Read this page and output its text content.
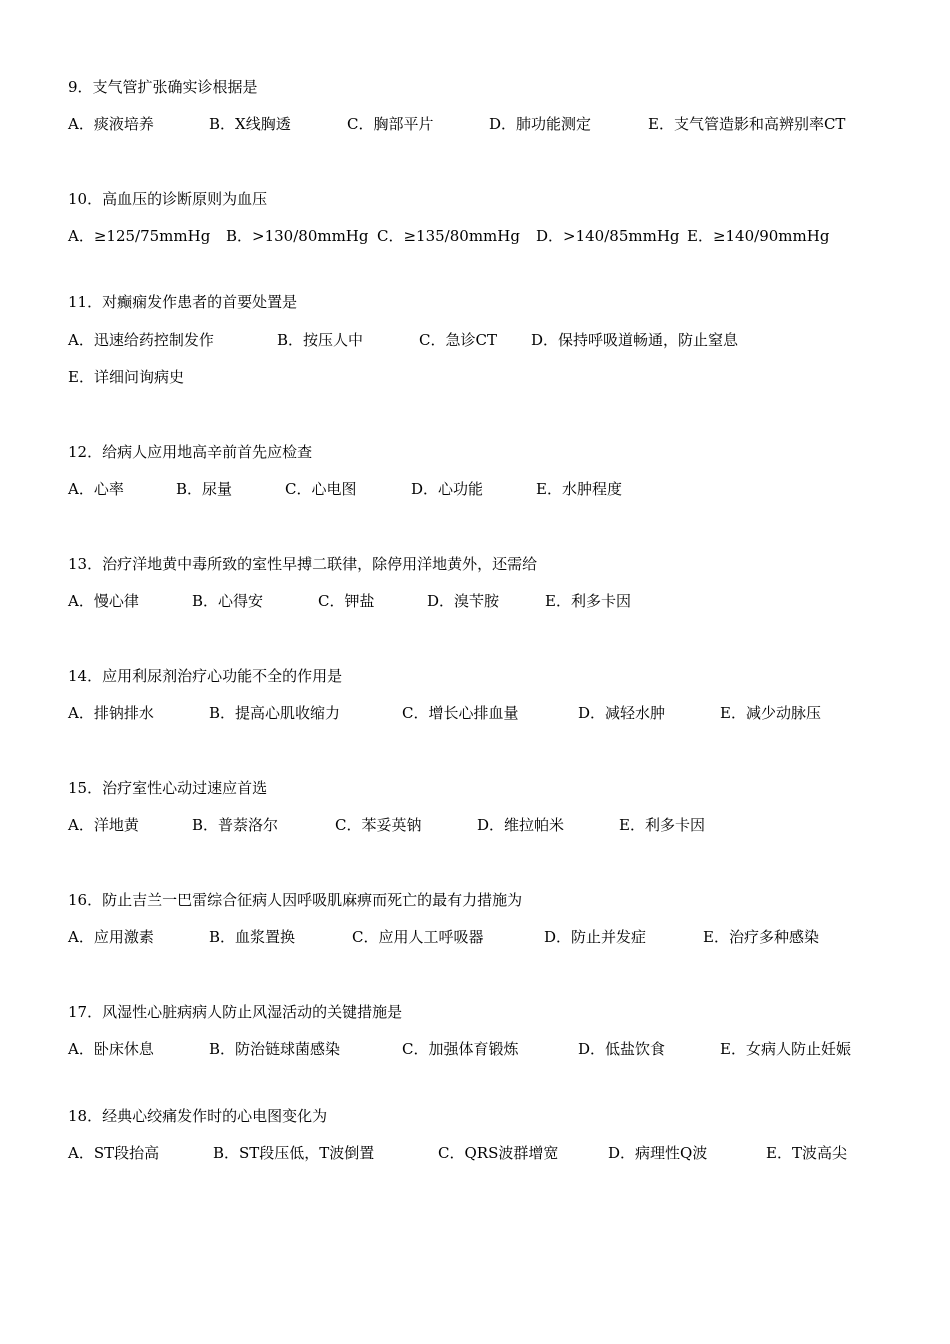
9．支气管扩张确实诊根据是
A．痰液培养	B．X线胸透	C．胸部平片	D．肺功能测定	E．支气管造影和高辨别率CT
10．高血压的诊断原则为血压
A．≥125/75mmHg B．>130/80mmHg C．≥135/80mmHg D．>140/85mmHg E．≥140/90mmHg
11．对癫痫发作患者的首要处置是
A．迅速给药控制发作	B．按压人中	C．急诊CT D．保持呼吸道畅通，防止窒息
E．详细问询病史
12．给病人应用地高辛前首先应检查
A．心率	B．尿量	C．心电图	D．心功能	E．水肿程度
13．治疗洋地黄中毒所致的室性早搏二联律，除停用洋地黄外，还需给
A．慢心律	B．心得安	C．钾盐	D．溴苄胺	E．利多卡因
14．应用利尿剂治疗心功能不全的作用是
A．排钠排水	B．提高心肌收缩力	C．增长心排血量	D．减轻水肿	E．减少动脉压
15．治疗室性心动过速应首选
A．洋地黄	B．普萘洛尔	C．苯妥英钠	D．维拉帕米	E．利多卡因
16．防止吉兰一巴雷综合征病人因呼吸肌麻痹而死亡的最有力措施为
A．应用激素	B．血浆置换	C．应用人工呼吸器	D．防止并发症	E．治疗多种感染
17．风湿性心脏病病人防止风湿活动的关键措施是
A．卧床休息	B．防治链球菌感染	C．加强体育锻炼	D．低盐饮食	E．女病人防止妊娠
18．经典心绞痛发作时的心电图变化为
A．ST段抬高	B．ST段压低，T波倒置	C．QRS波群增宽	D．病理性Q波	E．T波高尖
